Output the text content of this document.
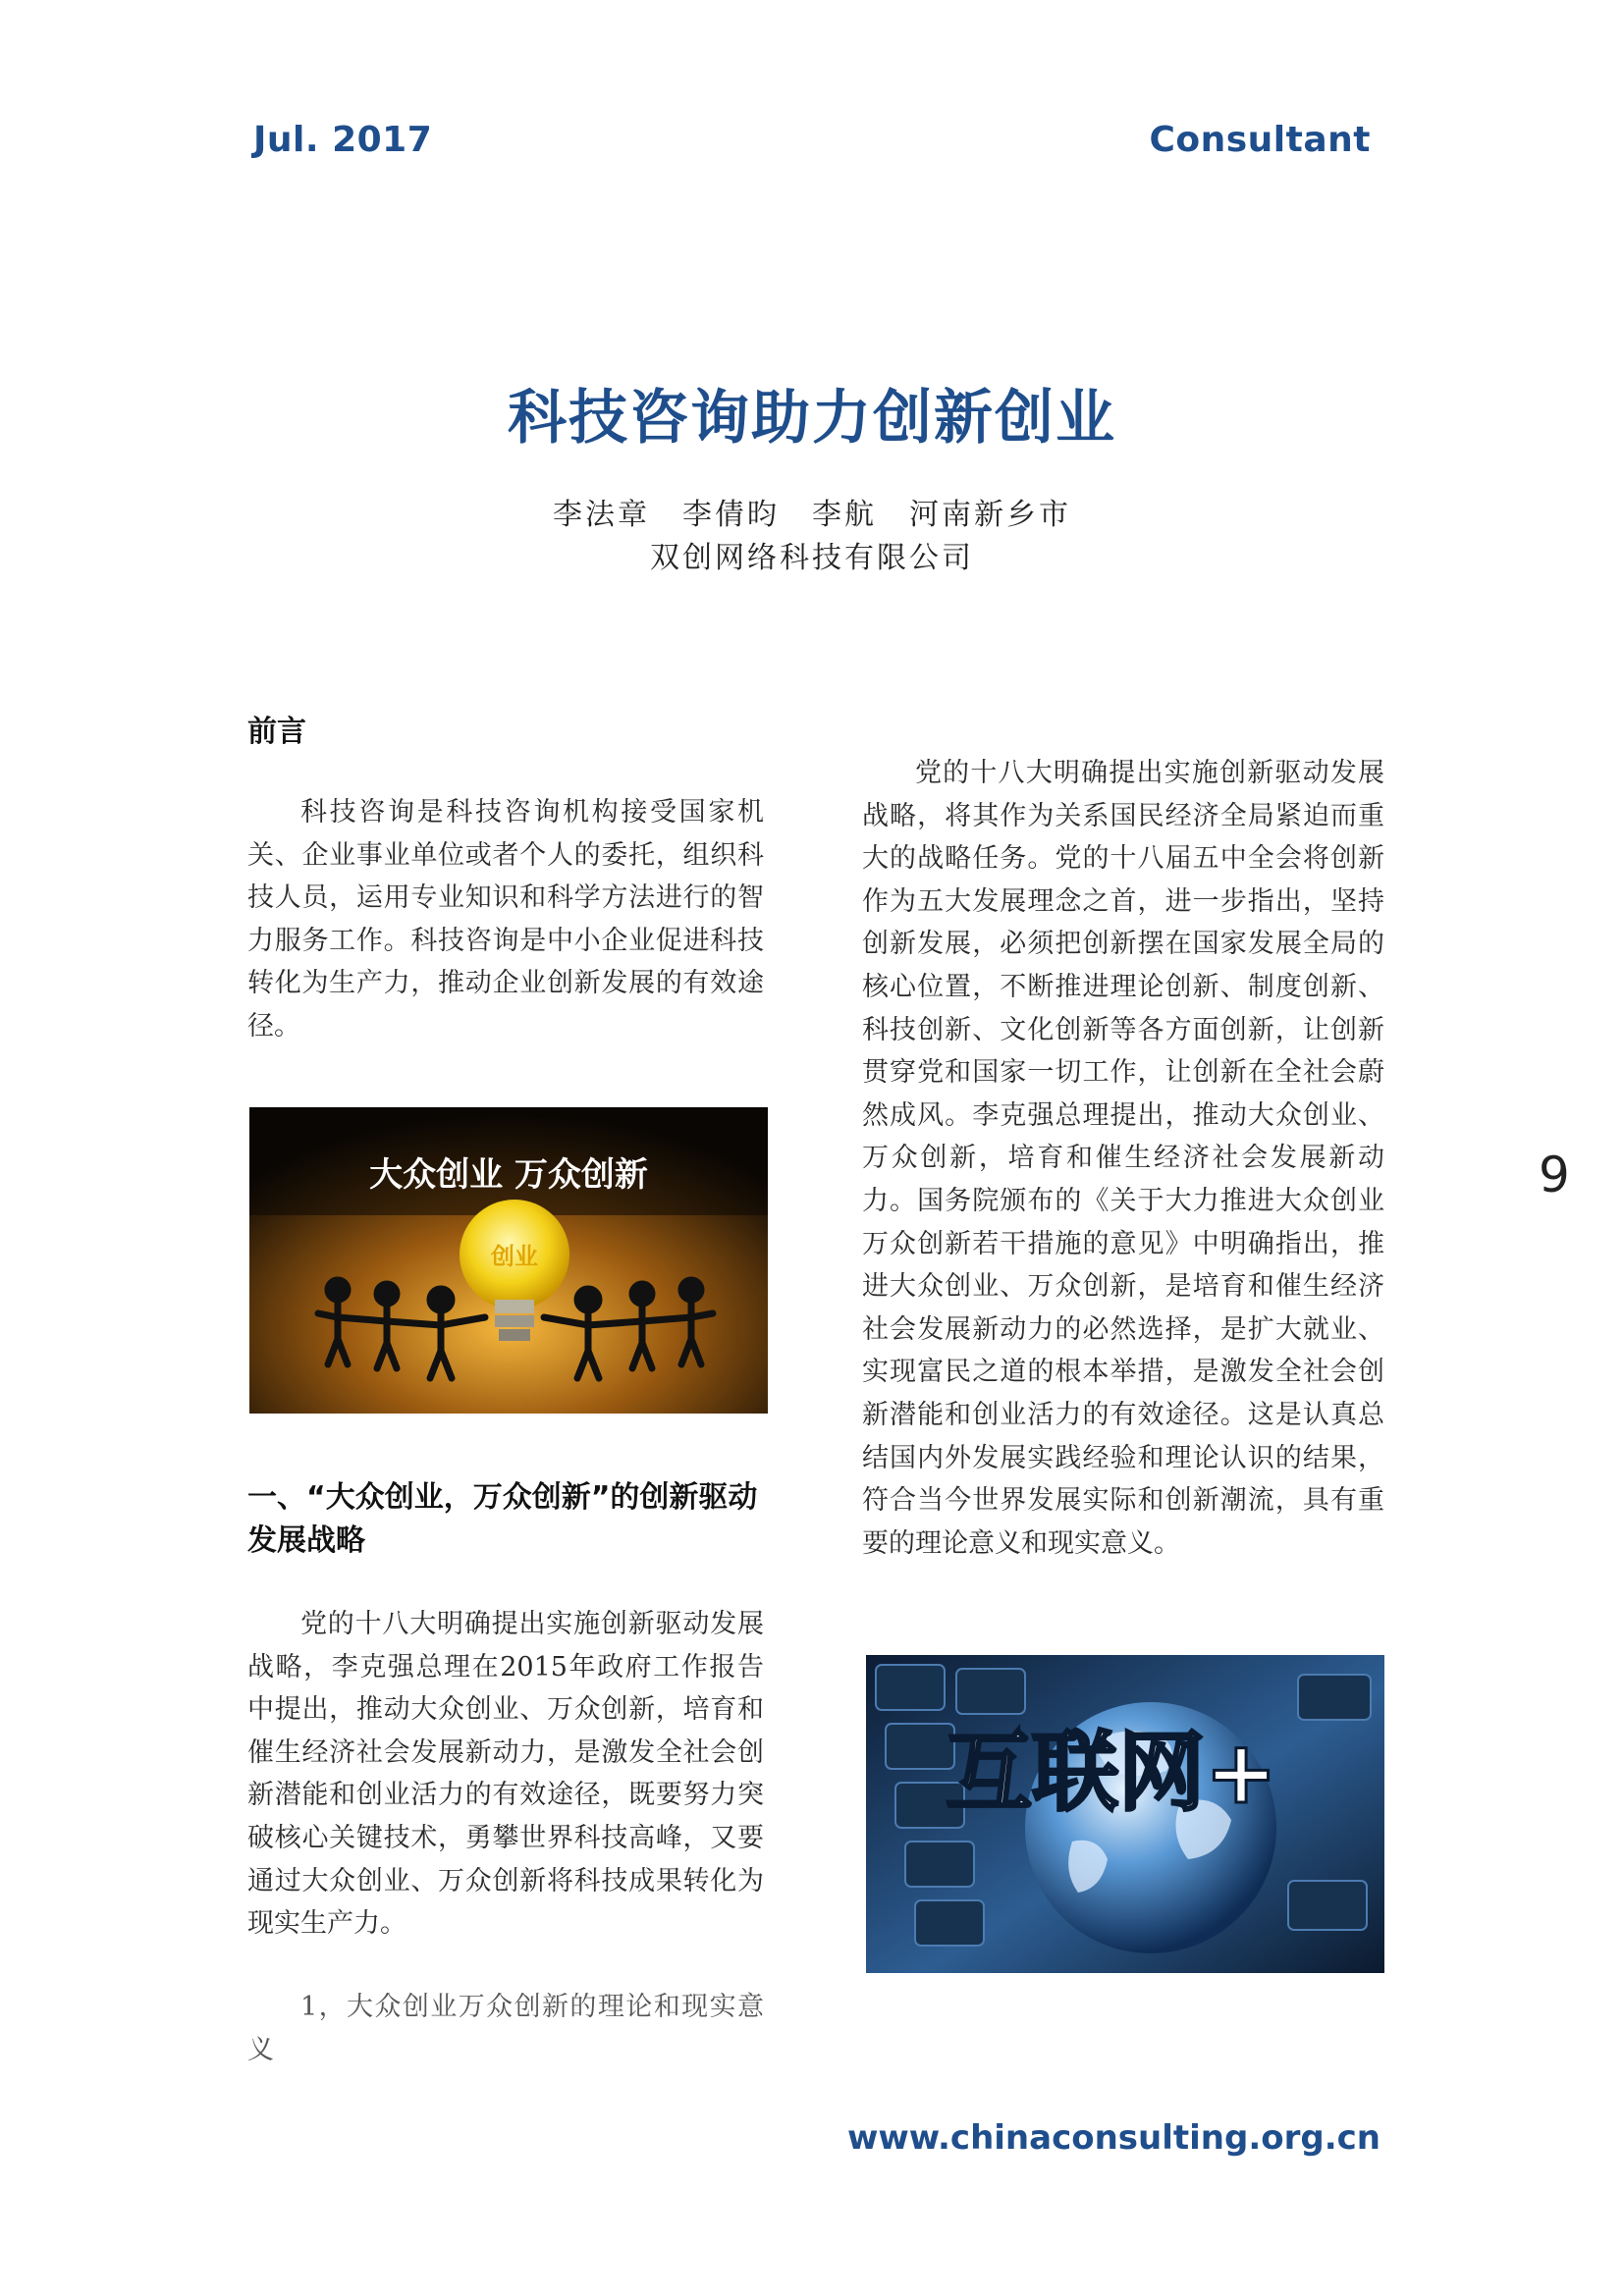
Jul. 2017	Consultant
科技咨询助力创新创业
李法章　李倩昀　李航　河南新乡市
双创网络科技有限公司
前言

科技咨询是科技咨询机构接受国家机关、企业事业单位或者个人的委托，组织科技人员，运用专业知识和科学方法进行的智力服务工作。科技咨询是中小企业促进科技转化为生产力，推动企业创新发展的有效途径。

大众创业 万众创新
创业
一、“大众创业，万众创新”的创新驱动发展战略

党的十八大明确提出实施创新驱动发展战略，李克强总理在2015年政府工作报告中提出，推动大众创业、万众创新，培育和催生经济社会发展新动力，是激发全社会创新潜能和创业活力的有效途径，既要努力突破核心关键技术，勇攀世界科技高峰，又要通过大众创业、万众创新将科技成果转化为现实生产力。

1，大众创业万众创新的理论和现实意义

党的十八大明确提出实施创新驱动发展战略，将其作为关系国民经济全局紧迫而重大的战略任务。党的十八届五中全会将创新作为五大发展理念之首，进一步指出，坚持创新发展，必须把创新摆在国家发展全局的核心位置，不断推进理论创新、制度创新、科技创新、文化创新等各方面创新，让创新贯穿党和国家一切工作，让创新在全社会蔚然成风。李克强总理提出，推动大众创业、万众创新，培育和催生经济社会发展新动力。国务院颁布的《关于大力推进大众创业万众创新若干措施的意见》中明确指出，推进大众创业、万众创新，是培育和催生经济社会发展新动力的必然选择，是扩大就业、实现富民之道的根本举措，是激发全社会创新潜能和创业活力的有效途径。这是认真总结国内外发展实践经验和理论认识的结果，符合当今世界发展实际和创新潮流，具有重要的理论意义和现实意义。

互联网+
9
www.chinaconsulting.org.cn
